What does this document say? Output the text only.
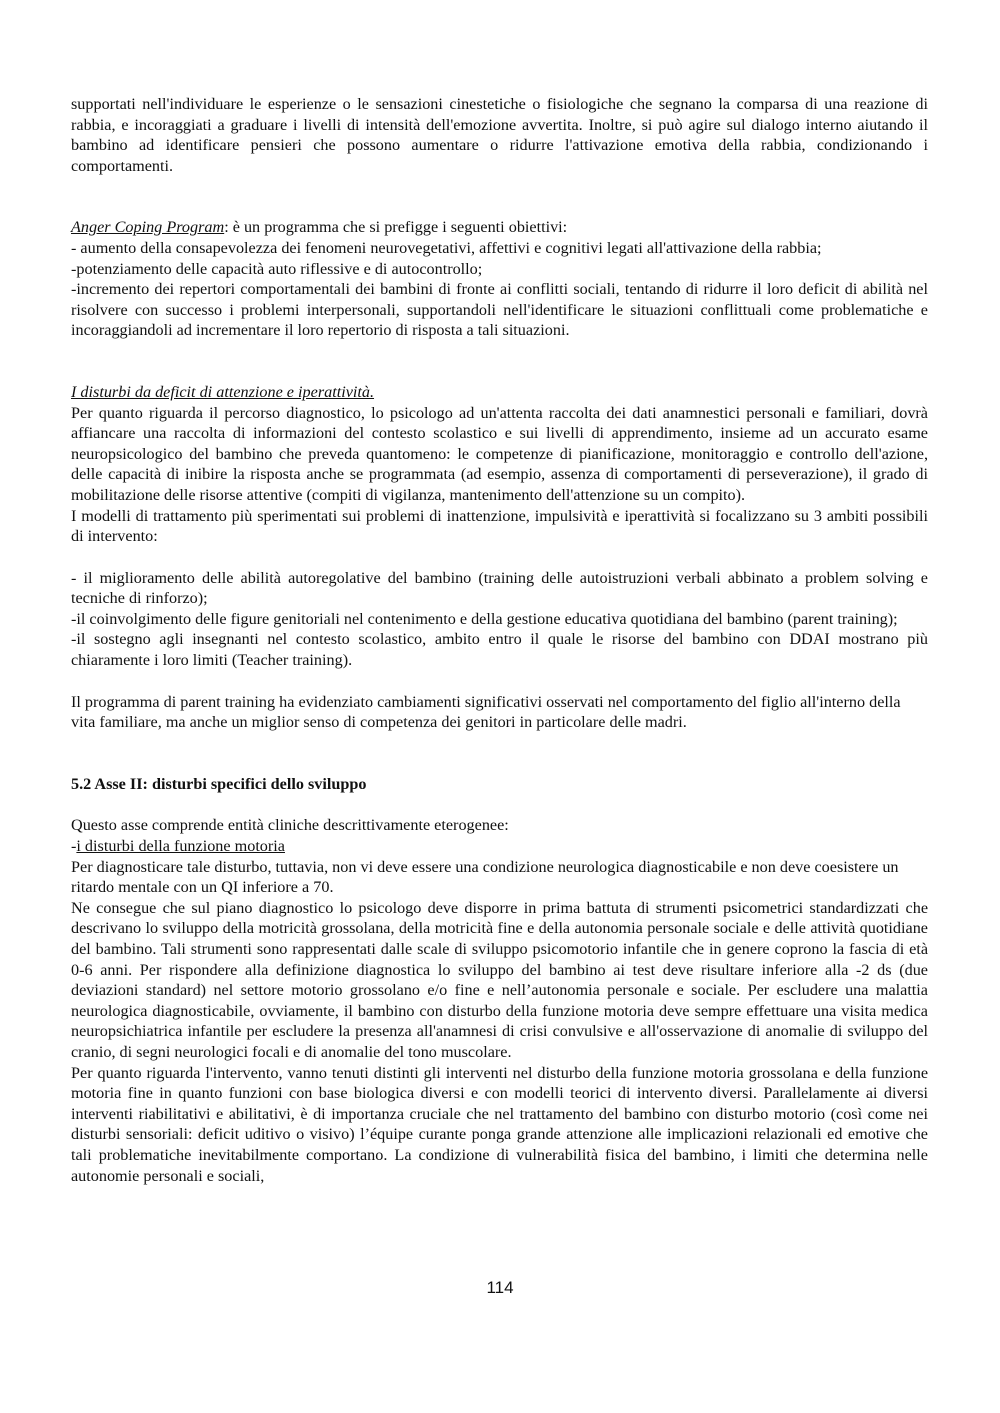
supportati nell'individuare le esperienze o le sensazioni cinestetiche o fisiologiche che segnano la comparsa di una reazione di rabbia, e incoraggiati a graduare i livelli di intensità dell'emozione avvertita. Inoltre, si può agire sul dialogo interno aiutando il bambino ad identificare pensieri che possono aumentare o ridurre l'attivazione emotiva della rabbia, condizionando i comportamenti.

Anger Coping Program: è un programma che si prefigge i seguenti obiettivi:

- aumento della consapevolezza dei fenomeni neurovegetativi, affettivi e cognitivi legati all'attivazione della rabbia;

-potenziamento delle capacità auto riflessive e di autocontrollo;

-incremento dei repertori comportamentali dei bambini di fronte ai conflitti sociali, tentando di ridurre il loro deficit di abilità nel risolvere con successo i problemi interpersonali, supportandoli nell'identificare le situazioni conflittuali come problematiche e incoraggiandoli ad incrementare il loro repertorio di risposta a tali situazioni.

I disturbi da deficit di attenzione e iperattività.

Per quanto riguarda il percorso diagnostico, lo psicologo ad un'attenta raccolta dei dati anamnestici personali e familiari, dovrà affiancare una raccolta di informazioni del contesto scolastico e sui livelli di apprendimento, insieme ad un accurato esame neuropsicologico del bambino che preveda quantomeno: le competenze di pianificazione, monitoraggio e controllo dell'azione, delle capacità di inibire la risposta anche se programmata (ad esempio, assenza di comportamenti di perseverazione), il grado di mobilitazione delle risorse attentive (compiti di vigilanza, mantenimento dell'attenzione su un compito).

I modelli di trattamento più sperimentati sui problemi di inattenzione, impulsività e iperattività si focalizzano su 3 ambiti possibili di intervento:

- il miglioramento delle abilità autoregolative del bambino (training delle autoistruzioni verbali abbinato a problem solving e tecniche di rinforzo);

-il coinvolgimento delle figure genitoriali nel contenimento e della gestione educativa quotidiana del bambino (parent training);

-il sostegno agli insegnanti nel contesto scolastico, ambito entro il quale le risorse del bambino con DDAI mostrano più chiaramente i loro limiti (Teacher training).

Il programma di parent training ha evidenziato cambiamenti significativi osservati nel comportamento del figlio all'interno della vita familiare, ma anche un miglior senso di competenza dei genitori in particolare delle madri.

5.2 Asse II: disturbi specifici dello sviluppo

Questo asse comprende entità cliniche descrittivamente eterogenee:

-i disturbi della funzione motoria

Per diagnosticare tale disturbo, tuttavia, non vi deve essere una condizione neurologica diagnosticabile e non deve coesistere un ritardo mentale con un QI inferiore a 70.

Ne consegue che sul piano diagnostico lo psicologo deve disporre in prima battuta di strumenti psicometrici standardizzati che descrivano lo sviluppo della motricità grossolana, della motricità fine e della autonomia personale sociale e delle attività quotidiane del bambino. Tali strumenti sono rappresentati dalle scale di sviluppo psicomotorio infantile che in genere coprono la fascia di età 0-6 anni. Per rispondere alla definizione diagnostica lo sviluppo del bambino ai test deve risultare inferiore alla -2 ds (due deviazioni standard) nel settore motorio grossolano e/o fine e nell’autonomia personale e sociale. Per escludere una malattia neurologica diagnosticabile, ovviamente, il bambino con disturbo della funzione motoria deve sempre effettuare una visita medica neuropsichiatrica infantile per escludere la presenza all'anamnesi di crisi convulsive e all'osservazione di anomalie di sviluppo del cranio, di segni neurologici focali e di anomalie del tono muscolare.

Per quanto riguarda l'intervento, vanno tenuti distinti gli interventi nel disturbo della funzione motoria grossolana e della funzione motoria fine in quanto funzioni con base biologica diversi e con modelli teorici di intervento diversi. Parallelamente ai diversi interventi riabilitativi e abilitativi, è di importanza cruciale che nel trattamento del bambino con disturbo motorio (così come nei disturbi sensoriali: deficit uditivo o visivo) l’équipe curante ponga grande attenzione alle implicazioni relazionali ed emotive che tali problematiche inevitabilmente comportano. La condizione di vulnerabilità fisica del bambino, i limiti che determina nelle autonomie personali e sociali,

114
